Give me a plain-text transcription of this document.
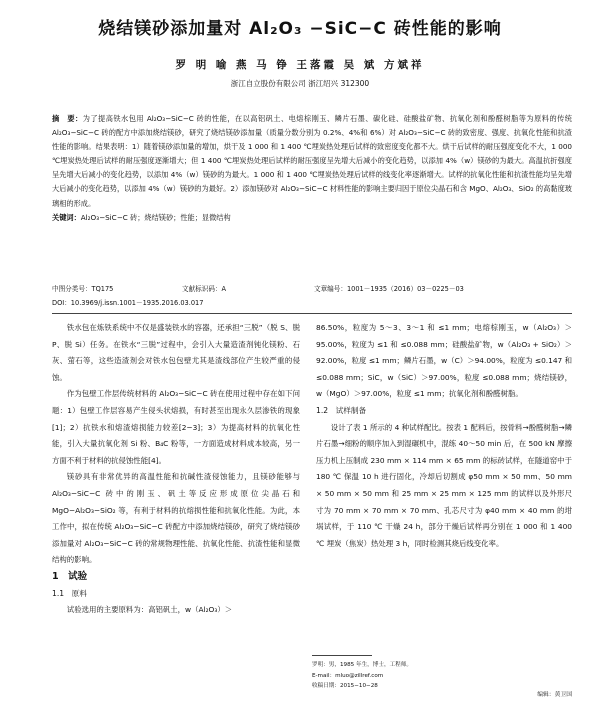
烧结镁砂添加量对 Al₂O₃ −SiC−C 砖性能的影响
罗 明 喻 燕 马 铮 王落霞 吴 斌 方斌祥
浙江自立股份有限公司 浙江绍兴 312300
摘　要：为了提高铁水包用 Al₂O₃−SiC−C 砖的性能，在以高铝矾土、电熔棕刚玉、鳞片石墨、碳化硅、硅酸盐矿物、抗氧化剂和酚醛树脂等为原料的传统 Al₂O₃−SiC−C 砖的配方中添加烧结镁砂，研究了烧结镁砂添加量（质量分数分别为 0.2%、4%和 6%）对 Al₂O₃−SiC−C 砖的致密度、强度、抗氧化性能和抗渣性能的影响。结果表明：1）随着镁砂添加量的增加，烘干及 1 000 和 1 400 ℃埋炭热处理后试样的致密度变化都不大。烘干后试样的耐压强度变化不大，1 000 ℃埋炭热处理后试样的耐压强度逐渐增大；但 1 400 ℃埋炭热处理后试样的耐压强度呈先增大后减小的变化趋势，以添加 4%（w）镁砂的为最大。高温抗折强度呈先增大后减小的变化趋势，以添加 4%（w）镁砂的为最大。1 000 和 1 400 ℃埋炭热处理后试样的线变化率逐渐增大。试样的抗氧化性能和抗渣性能均呈先增大后减小的变化趋势，以添加 4%（w）镁砂的为最好。2）添加镁砂对 Al₂O₃−SiC−C 材料性能的影响主要归因于原位尖晶石和含 MgO、Al₂O₃、SiO₂ 的高黏度玻璃相的形成。
关键词：Al₂O₃−SiC−C 砖；烧结镁砂；性能；显微结构
中图分类号：TQ175	文献标识码：A	文章编号：1001－1935（2016）03－0225－03
DOI：10.3969/j.issn.1001－1935.2016.03.017

铁水包在炼铁系统中不仅是盛装铁水的容器，还承担“三脱”（脱 S、脱 P、脱 Si）任务。在铁水“三脱”过程中，会引入大量造渣剂钝化镁粉、石灰、萤石等，这些造渣剂会对铁水包包壁尤其是渣线部位产生较严重的侵蚀。

作为包壁工作层传统材料的 Al₂O₃−SiC−C 砖在使用过程中存在如下问题：1）包壁工作层容易产生侵头状熔损，有时甚至出现永久层渗铁的现象[1]；2）抗铁水和熔渣熔损能力较差[2−3]；3）为提高材料的抗氧化性能，引入大量抗氧化剂 Si 粉、B₄C 粉等，一方面造成材料成本较高，另一方面不利于材料的抗侵蚀性能[4]。

镁砂具有非常优异的高温性能和抗碱性渣侵蚀能力，且镁砂能够与 Al₂O₃−SiC−C 砖中的刚玉、矾土等反应形成原位尖晶石和 MgO−Al₂O₃−SiO₂ 等，有利于材料的抗熔损性能和抗氧化性能。为此，本工作中，拟在传统 Al₂O₃−SiC−C 砖配方中添加烧结镁砂，研究了烧结镁砂添加量对 Al₂O₃−SiC−C 砖的常规物理性能、抗氧化性能、抗渣性能和显微结构的影响。

1　试验

1.1　原料

试验选用的主要原料为：高铝矾土，w（Al₂O₃）＞

86.50%，粒度为 5～3、3～1 和 ≤1 mm；电熔棕刚玉，w（Al₂O₃）＞95.00%，粒度为 ≤1 和 ≤0.088 mm；硅酸盐矿物，w（Al₂O₃ + SiO₂）＞92.00%，粒度 ≤1 mm；鳞片石墨，w（C）＞94.00%，粒度为 ≤0.147 和 ≤0.088 mm；SiC，w（SiC）＞97.00%，粒度 ≤0.088 mm；烧结镁砂，w（MgO）＞97.00%，粒度 ≤1 mm；抗氧化剂和酚醛树脂。

1.2　试样制备

设计了表 1 所示的 4 种试样配比。按表 1 配料后，按骨料→酚醛树脂→鳞片石墨→细粉的顺序加入到湿碾机中，混练 40～50 min 后，在 500 kN 摩擦压力机上压制成 230 mm × 114 mm × 65 mm 的标砖试样，在隧道窑中于 180 ℃ 保温 10 h 进行固化，冷却后切割成 φ50 mm × 50 mm、50 mm × 50 mm × 50 mm 和 25 mm × 25 mm × 125 mm 的试样以及外形尺寸为 70 mm × 70 mm × 70 mm、孔芯尺寸为 φ40 mm × 40 mm 的坩埚试样，于 110 ℃ 干燥 24 h，部分干燥后试样再分别在 1 000 和 1 400 ℃ 埋炭（焦炭）热处理 3 h，同时检测其烧后线变化率。

罗明：男，1985 年生，博士，工程师。
E-mail：mluo@zillref.com
收稿日期：2015−10−28
编辑：黄卫国
